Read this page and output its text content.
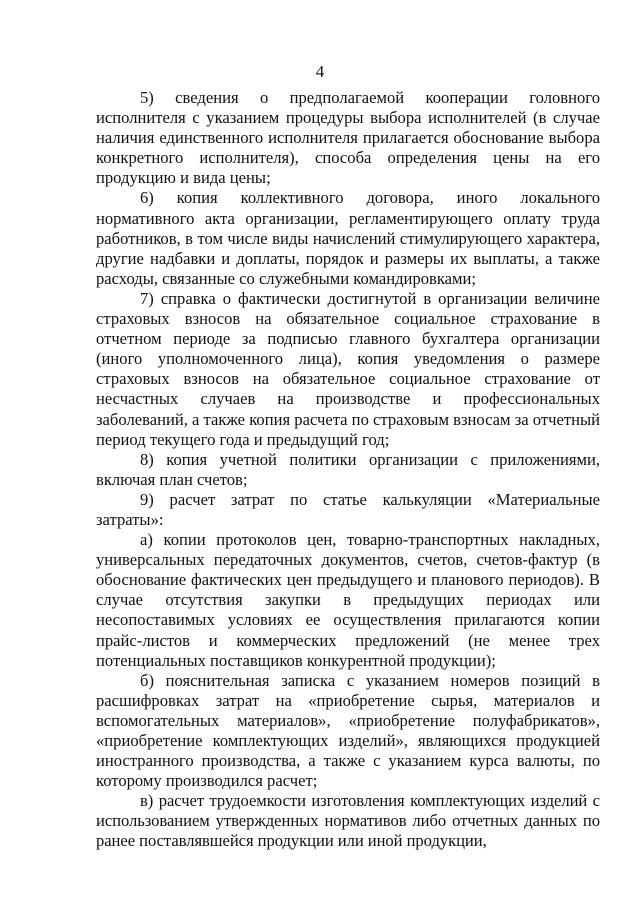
4

5) сведения о предполагаемой кооперации головного исполнителя с указанием процедуры выбора исполнителей (в случае наличия единственного исполнителя прилагается обоснование выбора конкретного исполнителя), способа определения цены на его продукцию и вида цены;

6) копия коллективного договора, иного локального нормативного акта организации, регламентирующего оплату труда работников, в том числе виды начислений стимулирующего характера, другие надбавки и доплаты, порядок и размеры их выплаты, а также расходы, связанные со служебными командировками;

7) справка о фактически достигнутой в организации величине страховых взносов на обязательное социальное страхование в отчетном периоде за подписью главного бухгалтера организации (иного уполномоченного лица), копия уведомления о размере страховых взносов на обязательное социальное страхование от несчастных случаев на производстве и профессиональных заболеваний, а также копия расчета по страховым взносам за отчетный период текущего года и предыдущий год;

8) копия учетной политики организации с приложениями, включая план счетов;

9) расчет затрат по статье калькуляции «Материальные затраты»:

а) копии протоколов цен, товарно-транспортных накладных, универсальных передаточных документов, счетов, счетов-фактур (в обоснование фактических цен предыдущего и планового периодов). В случае отсутствия закупки в предыдущих периодах или несопоставимых условиях ее осуществления прилагаются копии прайс-листов и коммерческих предложений (не менее трех потенциальных поставщиков конкурентной продукции);

б) пояснительная записка с указанием номеров позиций в расшифровках затрат на «приобретение сырья, материалов и вспомогательных материалов», «приобретение полуфабрикатов», «приобретение комплектующих изделий», являющихся продукцией иностранного производства, а также с указанием курса валюты, по которому производился расчет;

в) расчет трудоемкости изготовления комплектующих изделий с использованием утвержденных нормативов либо отчетных данных по ранее поставлявшейся продукции или иной продукции,
